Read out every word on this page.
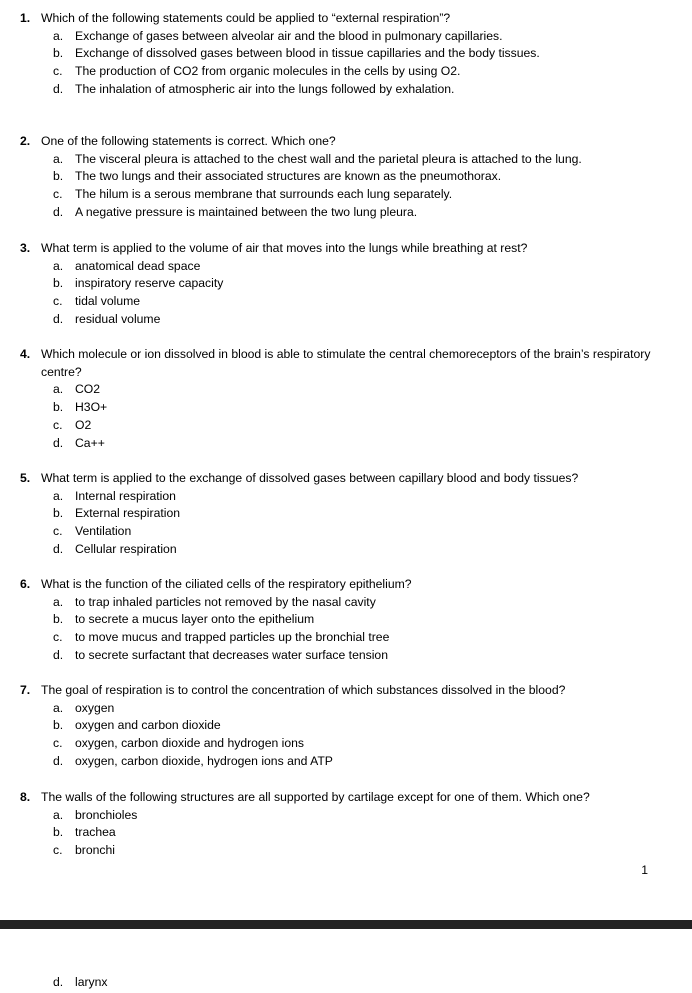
1. Which of the following statements could be applied to “external respiration”?
a. Exchange of gases between alveolar air and the blood in pulmonary capillaries.
b. Exchange of dissolved gases between blood in tissue capillaries and the body tissues.
c.	The production of CO2 from organic molecules in the cells by using O2.
d. The inhalation of atmospheric air into the lungs followed by exhalation.
2. One of the following statements is correct. Which one?
a. The visceral pleura is attached to the chest wall and the parietal pleura is attached to the lung.
b. The two lungs and their associated structures are known as the pneumothorax.
c.	The hilum is a serous membrane that surrounds each lung separately.
d. A negative pressure is maintained between the two lung pleura.
3. What term is applied to the volume of air that moves into the lungs while breathing at rest?
a. anatomical dead space
b. inspiratory reserve capacity
c.	tidal volume
d. residual volume
4. Which molecule or ion dissolved in blood is able to stimulate the central chemoreceptors of the brain’s respiratory centre?
a. CO2
b. H3O+
c.	O2
d. Ca++
5. What term is applied to the exchange of dissolved gases between capillary blood and body tissues?
a. Internal respiration
b. External respiration
c.	Ventilation
d. Cellular respiration
6. What is the function of the ciliated cells of the respiratory epithelium?
a. to trap inhaled particles not removed by the nasal cavity
b. to secrete a mucus layer onto the epithelium
c.	to move mucus and trapped particles up the bronchial tree
d. to secrete surfactant that decreases water surface tension
7. The goal of respiration is to control the concentration of which substances dissolved in the blood?
a. oxygen
b. oxygen and carbon dioxide
c.	oxygen, carbon dioxide and hydrogen ions
d. oxygen, carbon dioxide, hydrogen ions and ATP
8. The walls of the following structures are all supported by cartilage except for one of them. Which one?
a. bronchioles
b. trachea
c.	bronchi
1
d. larynx
